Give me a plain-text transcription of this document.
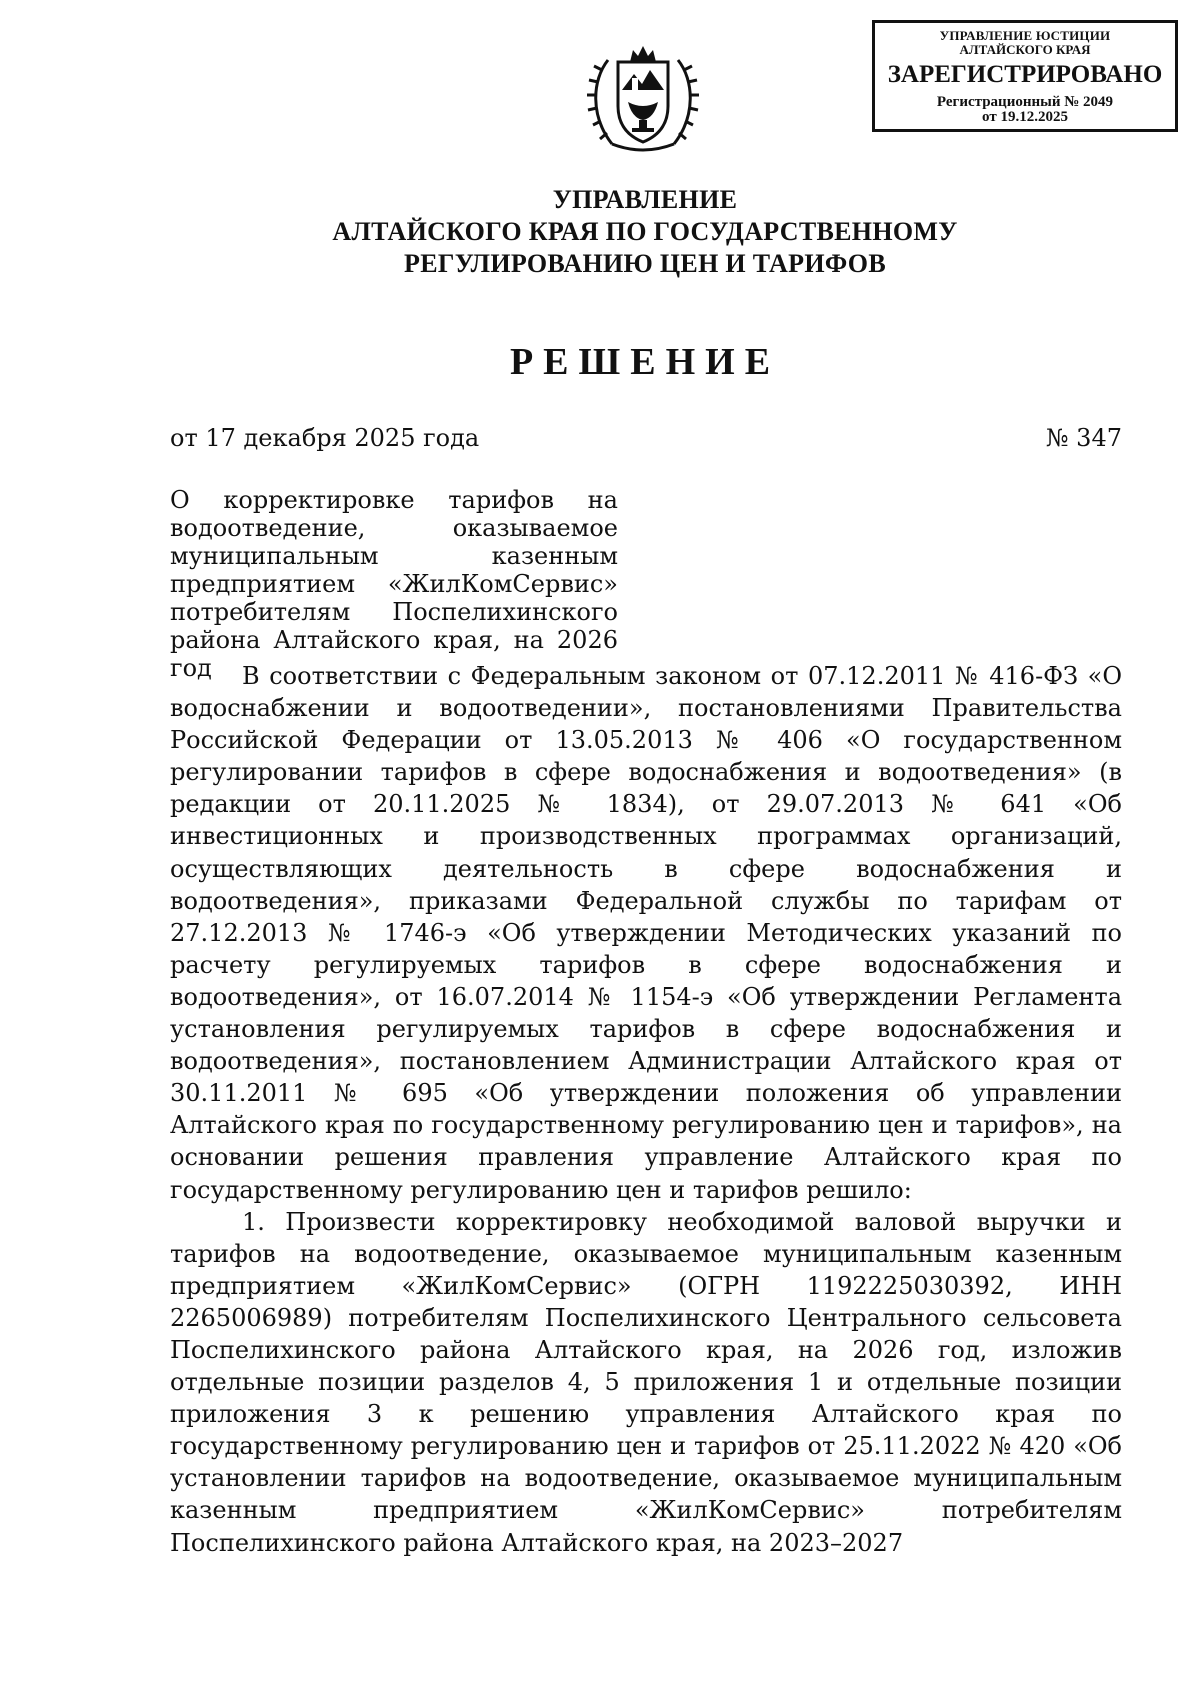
УПРАВЛЕНИЕ ЮСТИЦИИ
АЛТАЙСКОГО КРАЯ
ЗАРЕГИСТРИРОВАНО
Регистрационный № 2049
от 19.12.2025
УПРАВЛЕНИЕ
АЛТАЙСКОГО КРАЯ ПО ГОСУДАРСТВЕННОМУ
РЕГУЛИРОВАНИЮ ЦЕН И ТАРИФОВ
РЕШЕНИЕ
от 17 декабря 2025 года	№ 347
О корректировке тарифов на водоотведение, оказываемое муниципальным казенным предприятием «ЖилКомСервис» потребителям Поспелихинского района Алтайского края, на 2026 год	В соответствии с Федеральным законом от 07.12.2011 № 416-ФЗ «О водоснабжении и водоотведении», постановлениями Правительства Российской Федерации от 13.05.2013 № 406 «О государственном регулировании тарифов в сфере водоснабжения и водоотведения» (в редакции от 20.11.2025 № 1834), от 29.07.2013 № 641 «Об инвестиционных и производственных программах организаций, осуществляющих деятельность в сфере водоснабжения и водоотведения», приказами Федеральной службы по тарифам от 27.12.2013 № 1746-э «Об утверждении Методических указаний по расчету регулируемых тарифов в сфере водоснабжения и водоотведения», от 16.07.2014 № 1154-э «Об утверждении Регламента установления регулируемых тарифов в сфере водоснабжения и водоотведения», постановлением Администрации Алтайского края от 30.11.2011 № 695 «Об утверждении положения об управлении Алтайского края по государственному регулированию цен и тарифов», на основании решения правления управление Алтайского края по государственному регулированию цен и тарифов решило:

1. Произвести корректировку необходимой валовой выручки и тарифов на водоотведение, оказываемое муниципальным казенным предприятием «ЖилКомСервис» (ОГРН 1192225030392, ИНН 2265006989) потребителям Поспелихинского Центрального сельсовета Поспелихинского района Алтайского края, на 2026 год, изложив отдельные позиции разделов 4, 5 приложения 1 и отдельные позиции приложения 3 к решению управления Алтайского края по государственному регулированию цен и тарифов от 25.11.2022 № 420 «Об установлении тарифов на водоотведение, оказываемое муниципальным казенным предприятием «ЖилКомСервис» потребителям Поспелихинского района Алтайского края, на 2023–2027
